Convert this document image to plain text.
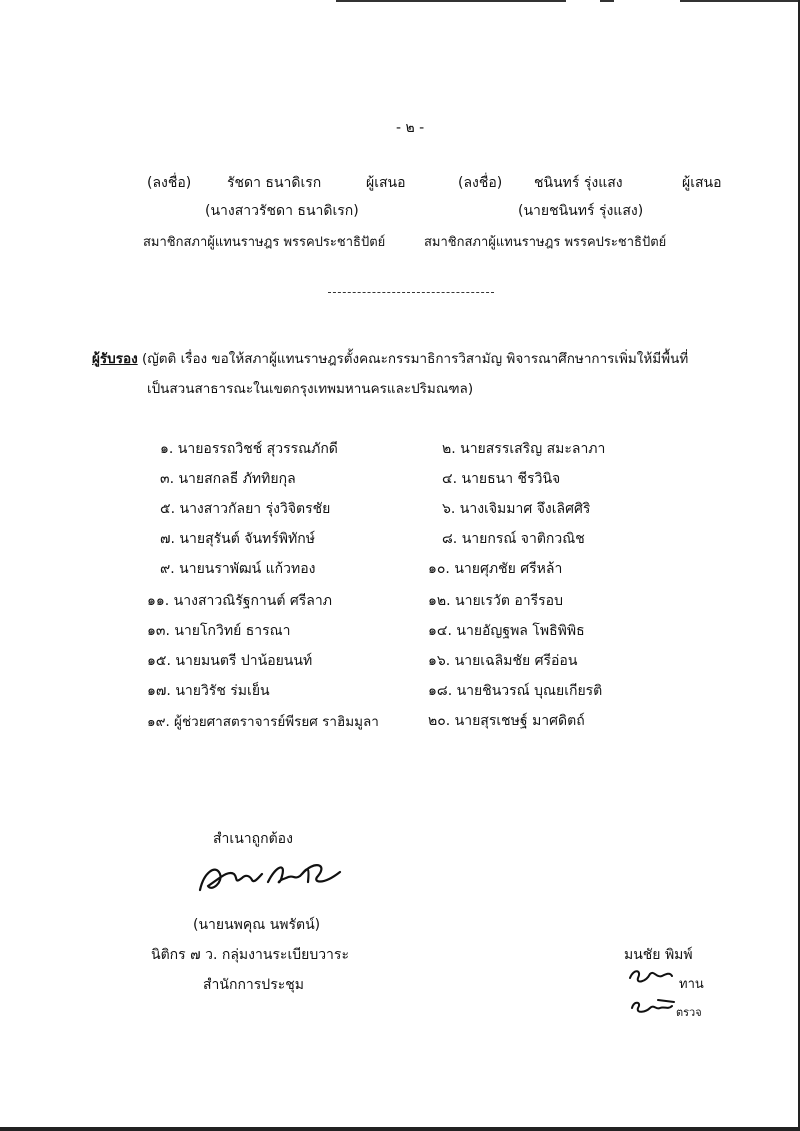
- ๒ -
(ลงชื่อ)	รัชดา ธนาดิเรก	ผู้เสนอ
(นางสาวรัชดา ธนาดิเรก)
สมาชิกสภาผู้แทนราษฎร พรรคประชาธิปัตย์
(ลงชื่อ) ชนินทร์ รุ่งแสง	ผู้เสนอ
(นายชนินทร์ รุ่งแสง)
สมาชิกสภาผู้แทนราษฎร พรรคประชาธิปัตย์
ผู้รับรอง (ญัตติ เรื่อง ขอให้สภาผู้แทนราษฎรตั้งคณะกรรมาธิการวิสามัญ พิจารณาศึกษาการเพิ่มให้มีพื้นที่
เป็นสวนสาธารณะในเขตกรุงเทพมหานครและปริมณฑล)
๑. นายอรรถวิชช์ สุวรรณภักดี	๒. นายสรรเสริญ สมะลาภา
๓. นายสกลธี ภัททิยกุล	๔. นายธนา ชีรวินิจ
๕. นางสาวกัลยา รุ่งวิจิตรชัย	๖. นางเจิมมาศ จึงเลิศศิริ
๗. นายสุรันต์ จันทร์พิทักษ์	๘. นายกรณ์ จาติกวณิช
๙. นายนราพัฒน์ แก้วทอง	๑๐. นายศุภชัย ศรีหล้า
๑๑. นางสาวณิรัฐกานต์ ศรีลาภ	๑๒. นายเรวัต อารีรอบ
๑๓. นายโกวิทย์ ธารณา	๑๔. นายอัญฐพล โพธิพิพิธ
๑๕. นายมนตรี ปาน้อยนนท์	๑๖. นายเฉลิมชัย ศรีอ่อน
๑๗. นายวิรัช ร่มเย็น	๑๘. นายชินวรณ์ บุณยเกียรติ
๑๙. ผู้ช่วยศาสตราจารย์พีรยศ ราฮิมมูลา	๒๐. นายสุรเชษฐ์ มาศดิตถ์
สำเนาถูกต้อง
(นายนพคุณ นพรัตน์)
นิติกร ๗ ว. กลุ่มงานระเบียบวาระ
สำนักการประชุม
มนชัย พิมพ์
ทาน
ตรวจ
